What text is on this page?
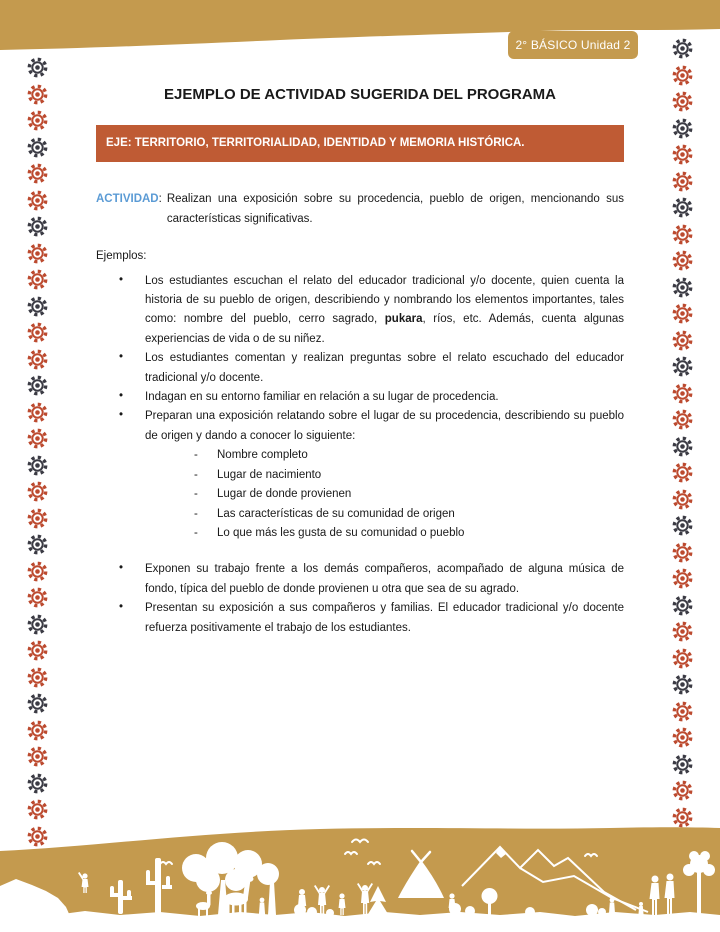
2° BÁSICO Unidad 2
EJEMPLO DE ACTIVIDAD SUGERIDA DEL PROGRAMA
EJE: TERRITORIO, TERRITORIALIDAD, IDENTIDAD Y MEMORIA HISTÓRICA.
ACTIVIDAD : Realizan una exposición sobre su procedencia, pueblo de origen, mencionando sus características significativas.

Ejemplos:

• Los estudiantes escuchan el relato del educador tradicional y/o docente, quien cuenta la historia de su pueblo de origen, describiendo y nombrando los elementos importantes, tales como: nombre del pueblo, cerro sagrado, pukara, ríos, etc. Además, cuenta algunas experiencias de vida o de su niñez.
• Los estudiantes comentan y realizan preguntas sobre el relato escuchado del educador tradicional y/o docente.
• Indagan en su entorno familiar en relación a su lugar de procedencia.
• Preparan una exposición relatando sobre el lugar de su procedencia, describiendo su pueblo de origen y dando a conocer lo siguiente:
- Nombre completo
- Lugar de nacimiento
- Lugar de donde provienen
- Las características de su comunidad de origen
- Lo que más les gusta de su comunidad o pueblo
• Exponen su trabajo frente a los demás compañeros, acompañado de alguna música de fondo, típica del pueblo de donde provienen u otra que sea de su agrado.
• Presentan su exposición a sus compañeros y familias. El educador tradicional y/o docente refuerza positivamente el trabajo de los estudiantes.
